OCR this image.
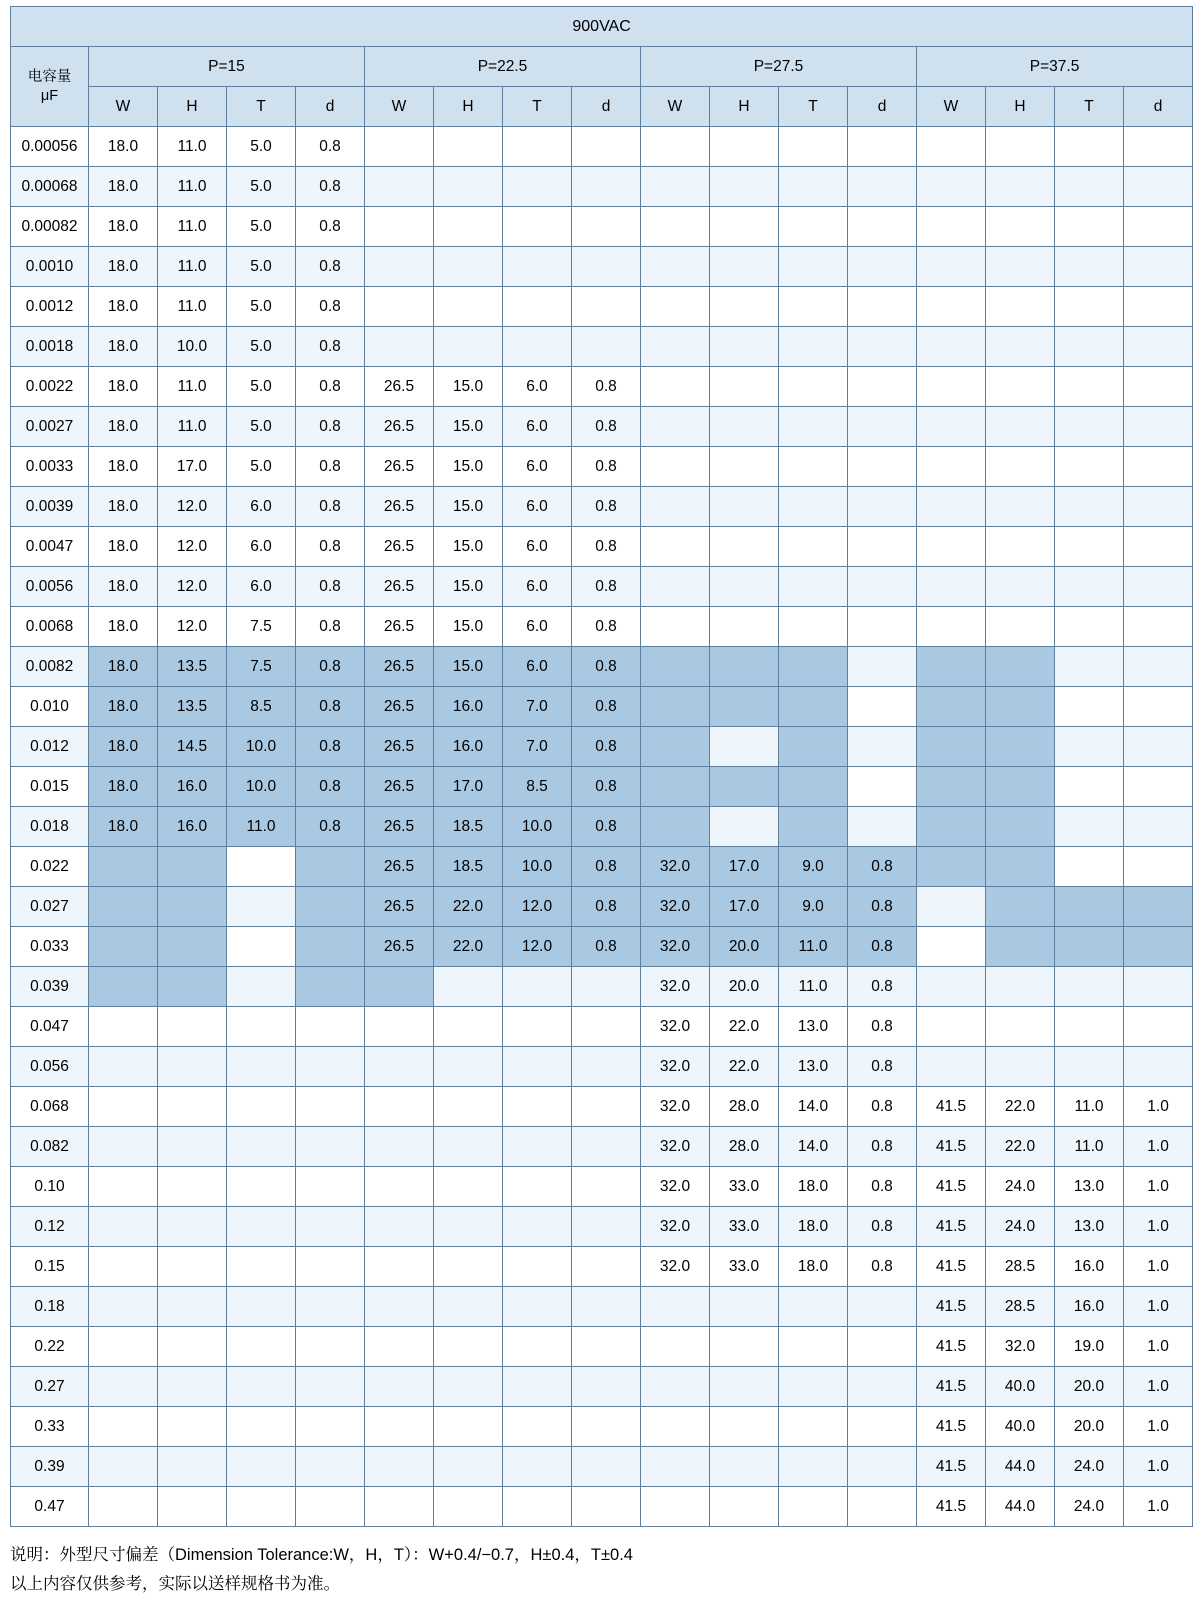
900VAC																

电容量
μF	P=15				P=22.5				P=27.5				P=37.5			
	W	H	T	d	W	H	T	d	W	H	T	d	W	H	T	d
0.00056	18.0	11.0	5.0	0.8												
0.00068	18.0	11.0	5.0	0.8												
0.00082	18.0	11.0	5.0	0.8												
0.0010	18.0	11.0	5.0	0.8												
0.0012	18.0	11.0	5.0	0.8												
0.0018	18.0	10.0	5.0	0.8												
0.0022	18.0	11.0	5.0	0.8	26.5	15.0	6.0	0.8								
0.0027	18.0	11.0	5.0	0.8	26.5	15.0	6.0	0.8								
0.0033	18.0	17.0	5.0	0.8	26.5	15.0	6.0	0.8								
0.0039	18.0	12.0	6.0	0.8	26.5	15.0	6.0	0.8								
0.0047	18.0	12.0	6.0	0.8	26.5	15.0	6.0	0.8								
0.0056	18.0	12.0	6.0	0.8	26.5	15.0	6.0	0.8								
0.0068	18.0	12.0	7.5	0.8	26.5	15.0	6.0	0.8								
0.0082	18.0	13.5	7.5	0.8	26.5	15.0	6.0	0.8								
0.010	18.0	13.5	8.5	0.8	26.5	16.0	7.0	0.8								
0.012	18.0	14.5	10.0	0.8	26.5	16.0	7.0	0.8								
0.015	18.0	16.0	10.0	0.8	26.5	17.0	8.5	0.8								
0.018	18.0	16.0	11.0	0.8	26.5	18.5	10.0	0.8								
0.022					26.5	18.5	10.0	0.8	32.0	17.0	9.0	0.8				
0.027					26.5	22.0	12.0	0.8	32.0	17.0	9.0	0.8				
0.033					26.5	22.0	12.0	0.8	32.0	20.0	11.0	0.8				
0.039									32.0	20.0	11.0	0.8				
0.047									32.0	22.0	13.0	0.8				
0.056									32.0	22.0	13.0	0.8				
0.068									32.0	28.0	14.0	0.8	41.5	22.0	11.0	1.0
0.082									32.0	28.0	14.0	0.8	41.5	22.0	11.0	1.0
0.10									32.0	33.0	18.0	0.8	41.5	24.0	13.0	1.0
0.12									32.0	33.0	18.0	0.8	41.5	24.0	13.0	1.0
0.15									32.0	33.0	18.0	0.8	41.5	28.5	16.0	1.0
0.18													41.5	28.5	16.0	1.0
0.22													41.5	32.0	19.0	1.0
0.27													41.5	40.0	20.0	1.0
0.33													41.5	40.0	20.0	1.0
0.39													41.5	44.0	24.0	1.0
0.47													41.5	44.0	24.0	1.0
说明：外型尺寸偏差（Dimension Tolerance:W，H，T）：W+0.4/−0.7，H±0.4，T±0.4
以上内容仅供参考，实际以送样规格书为准。
